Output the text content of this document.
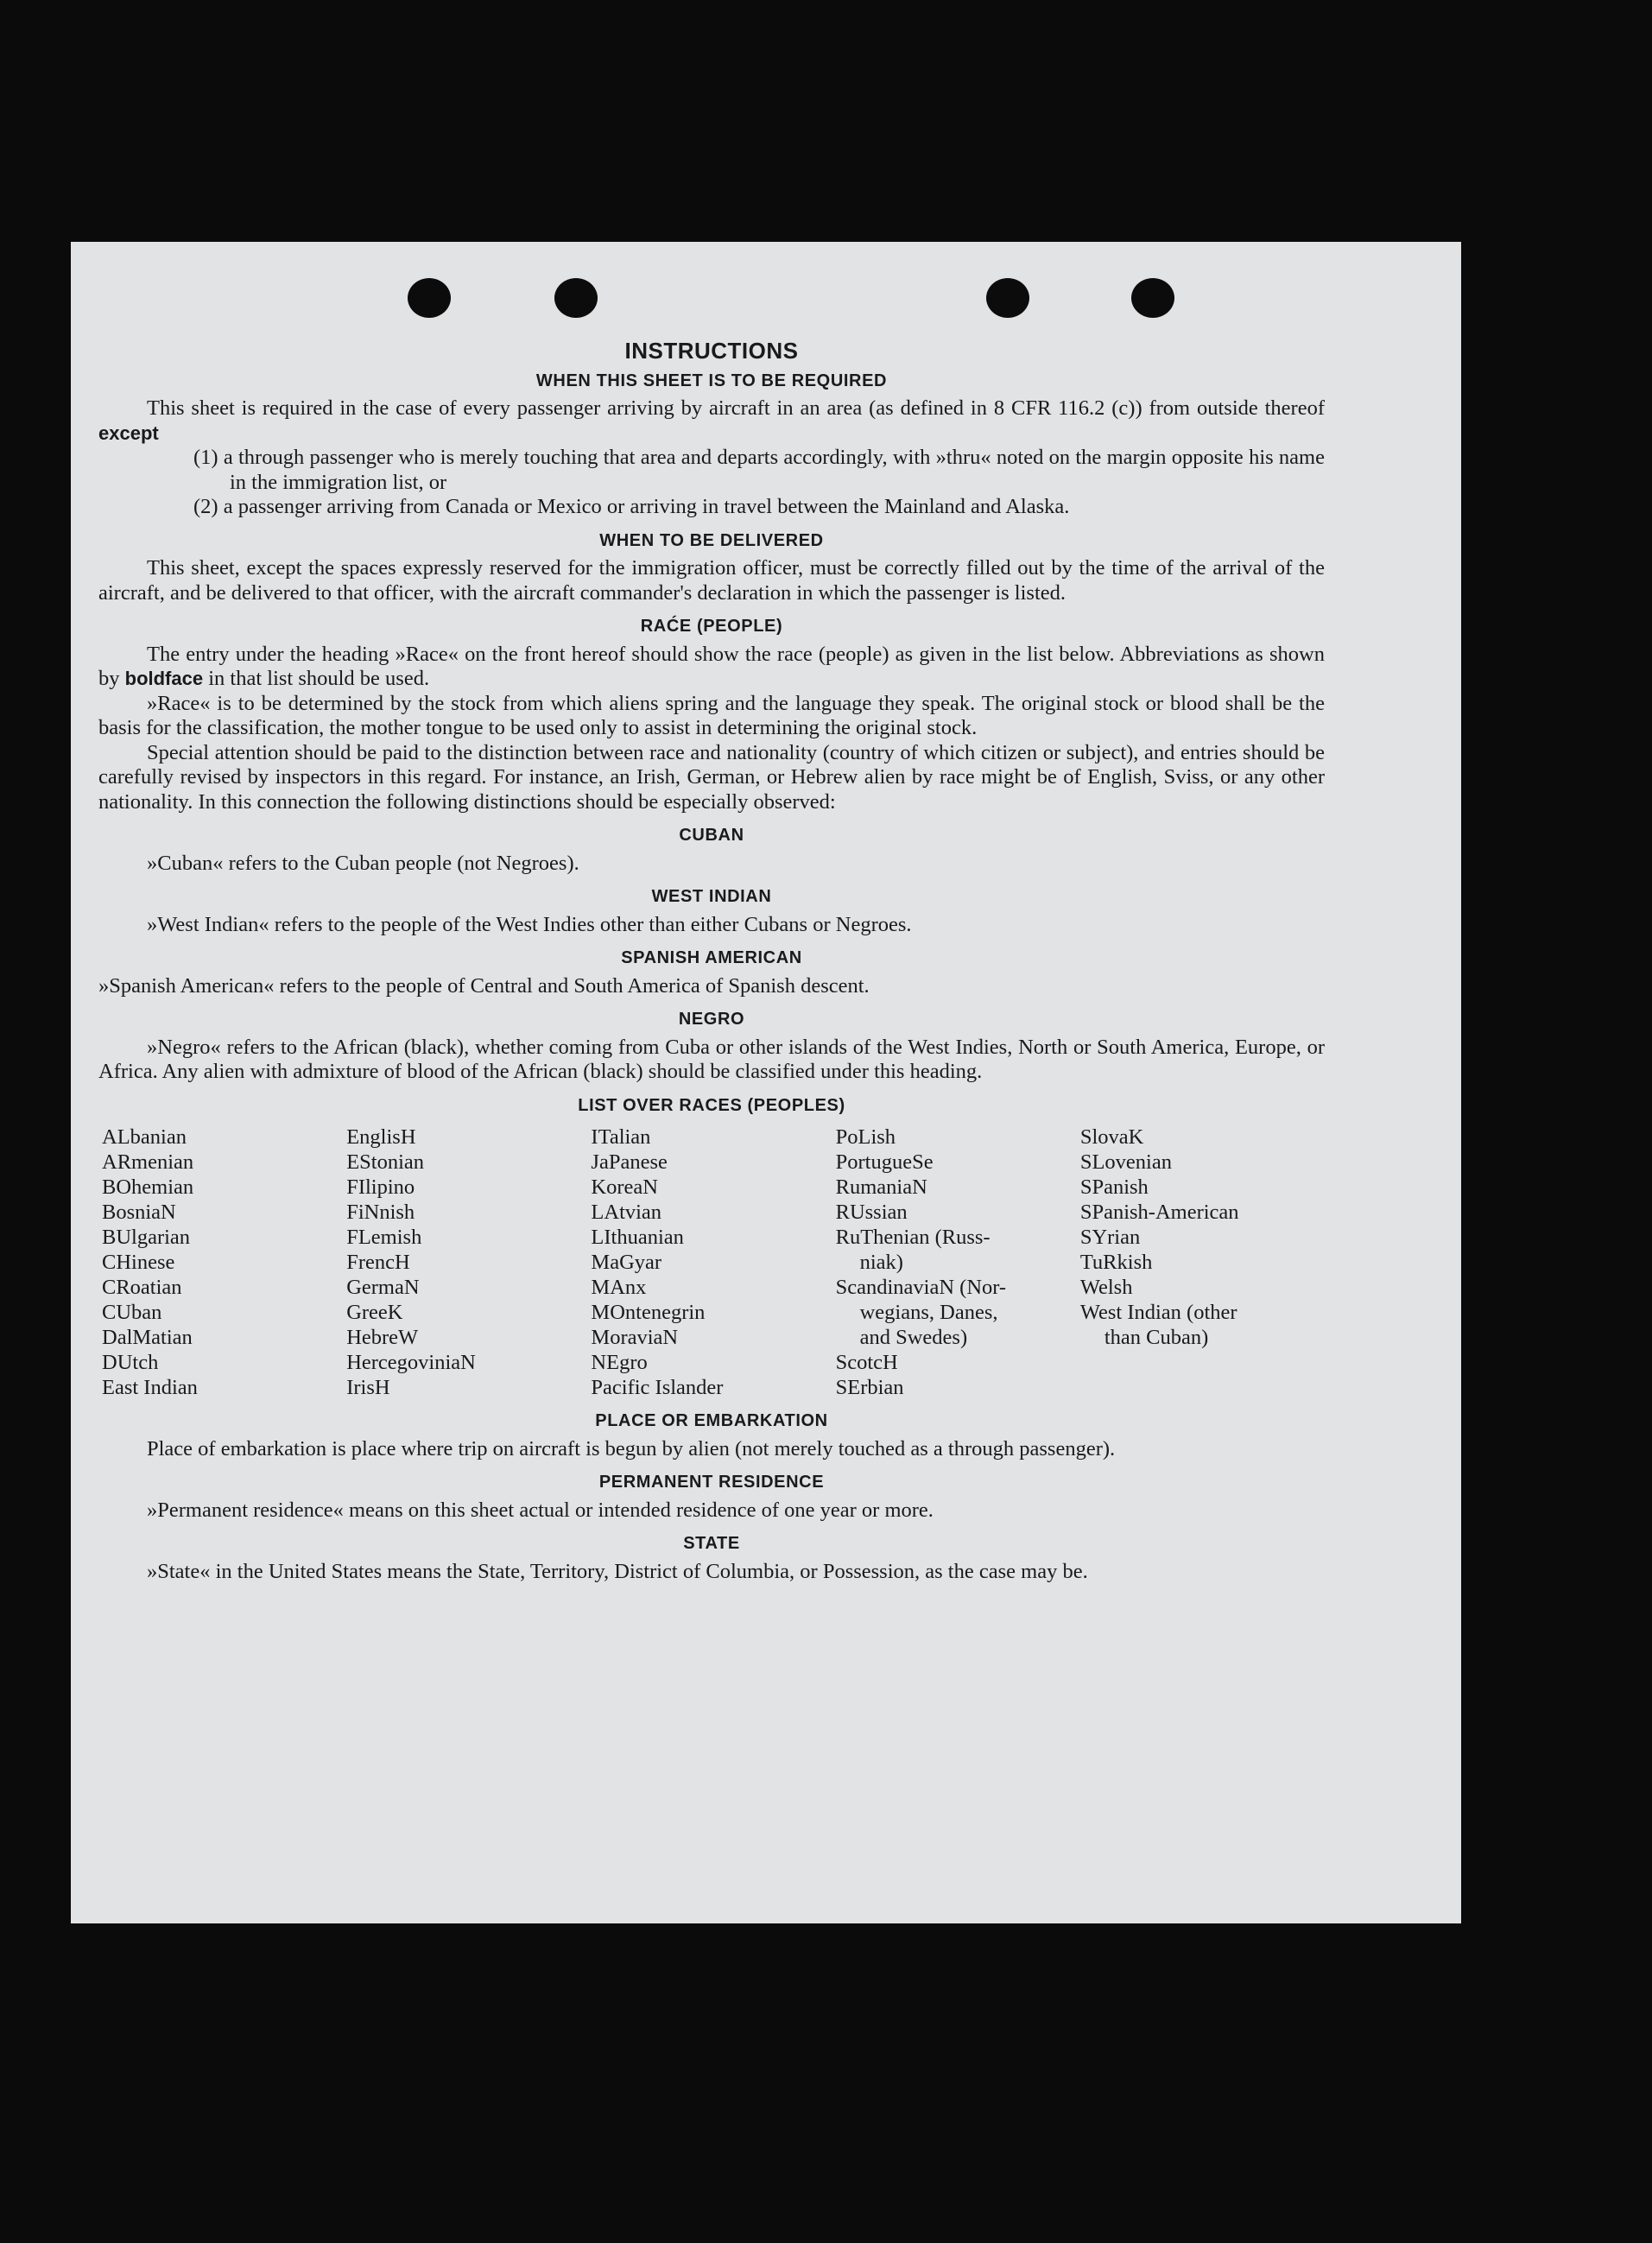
INSTRUCTIONS
WHEN THIS SHEET IS TO BE REQUIRED

This sheet is required in the case of every passenger arriving by aircraft in an area (as defined in 8 CFR 116.2 (c)) from outside thereof except

(1) a through passenger who is merely touching that area and departs accordingly, with »thru« noted on the margin opposite his name in the immigration list, or
(2) a passenger arriving from Canada or Mexico or arriving in travel between the Mainland and Alaska.
WHEN TO BE DELIVERED

This sheet, except the spaces expressly reserved for the immigration officer, must be correctly filled out by the time of the arrival of the aircraft, and be delivered to that officer, with the aircraft commander's declaration in which the passenger is listed.

RAĆE (PEOPLE)

The entry under the heading »Race« on the front hereof should show the race (people) as given in the list below. Abbreviations as shown by boldface in that list should be used.

»Race« is to be determined by the stock from which aliens spring and the language they speak. The original stock or blood shall be the basis for the classification, the mother tongue to be used only to assist in determining the original stock.

Special attention should be paid to the distinction between race and nationality (country of which citizen or subject), and entries should be carefully revised by inspectors in this regard. For instance, an Irish, German, or Hebrew alien by race might be of English, Sviss, or any other nationality. In this connection the following distinctions should be especially observed:

CUBAN

»Cuban« refers to the Cuban people (not Negroes).

WEST INDIAN

»West Indian« refers to the people of the West Indies other than either Cubans or Negroes.

SPANISH AMERICAN

»Spanish American« refers to the people of Central and South America of Spanish descent.

NEGRO

»Negro« refers to the African (black), whether coming from Cuba or other islands of the West Indies, North or South America, Europe, or Africa. Any alien with admixture of blood of the African (black) should be classified under this heading.

LIST OVER RACES (PEOPLES)
ALbanian
ARmenian
BOhemian
BosniaN
BUlgarian
CHinese
CRoatian
CUban
DalMatian
DUtch
East Indian
EnglisH
EStonian
FIlipino
FiNnish
FLemish
FrencH
GermaN
GreeK
HebreW
HercegoviniaN
IrisH
ITalian
JaPanese
KoreaN
LAtvian
LIthuanian
MaGyar
MAnx
MOntenegrin
MoraviaN
NEgro
Pacific Islander
PoLish
PortugueSe
RumaniaN
RUssian
RuThenian (Russ-
niak)
ScandinaviaN (Nor-
wegians, Danes,
and Swedes)
ScotcH
SErbian
SlovaK
SLovenian
SPanish
SPanish-American
SYrian
TuRkish
Welsh
West Indian (other
than Cuban)
PLACE OR EMBARKATION

Place of embarkation is place where trip on aircraft is begun by alien (not merely touched as a through passenger).

PERMANENT RESIDENCE

»Permanent residence« means on this sheet actual or intended residence of one year or more.

STATE

»State« in the United States means the State, Territory, District of Columbia, or Possession, as the case may be.
